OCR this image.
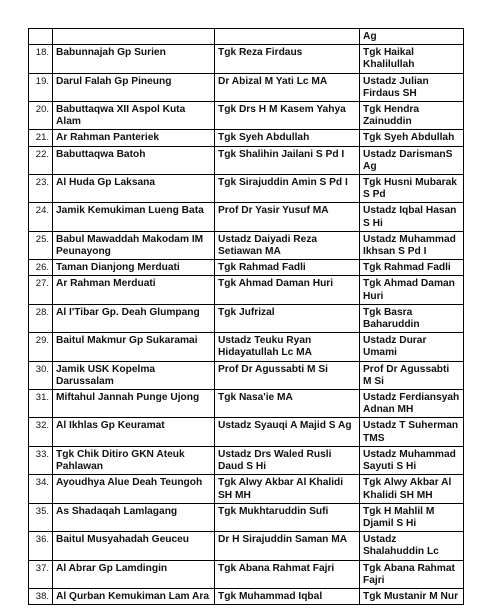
			Ag
18.	Babunnajah Gp Surien	Tgk Reza Firdaus	Tgk Haikal Khalilullah
19.	Darul Falah Gp Pineung	Dr Abizal M Yati Lc MA	Ustadz Julian Firdaus SH
20.	Babuttaqwa XII Aspol Kuta Alam	Tgk Drs H M Kasem Yahya	Tgk Hendra Zainuddin
21.	Ar Rahman Panteriek	Tgk Syeh Abdullah	Tgk Syeh Abdullah
22.	Babuttaqwa Batoh	Tgk Shalihin Jailani S Pd I	Ustadz DarismanS Ag
23.	Al Huda Gp Laksana	Tgk Sirajuddin Amin S Pd I	Tgk Husni Mubarak S Pd
24.	Jamik Kemukiman Lueng Bata	Prof Dr Yasir Yusuf MA	Ustadz Iqbal Hasan S Hi
25.	Babul Mawaddah Makodam IM Peunayong	Ustadz Daiyadi Reza Setiawan MA	Ustadz Muhammad Ikhsan S Pd I
26.	Taman Dianjong Merduati	Tgk Rahmad Fadli	Tgk Rahmad Fadli
27.	Ar Rahman Merduati	Tgk Ahmad Daman Huri	Tgk Ahmad Daman Huri
28.	Al I'Tibar Gp. Deah Glumpang	Tgk Jufrizal	Tgk Basra Baharuddin
29.	Baitul Makmur Gp Sukaramai	Ustadz Teuku Ryan Hidayatullah Lc MA	Ustadz Durar Umami
30.	Jamik USK Kopelma Darussalam	Prof Dr Agussabti M Si	Prof Dr Agussabti M Si
31.	Miftahul Jannah Punge Ujong	Tgk Nasa'ie MA	Ustadz Ferdiansyah Adnan MH
32.	Al Ikhlas Gp Keuramat	Ustadz Syauqi A Majid S Ag	Ustadz T Suherman TMS
33.	Tgk Chik Ditiro GKN Ateuk Pahlawan	Ustadz Drs Waled Rusli Daud S Hi	Ustadz Muhammad Sayuti S Hi
34.	Ayoudhya Alue Deah Teungoh	Tgk Alwy Akbar Al Khalidi SH MH	Tgk Alwy Akbar Al Khalidi SH MH
35.	As Shadaqah Lamlagang	Tgk Mukhtaruddin Sufi	Tgk H Mahlil M Djamil S Hi
36.	Baitul Musyahadah Geuceu	Dr H Sirajuddin Saman MA	Ustadz Shalahuddin Lc
37.	Al Abrar Gp Lamdingin	Tgk Abana Rahmat Fajri	Tgk Abana Rahmat Fajri
38.	Al Qurban Kemukiman Lam Ara	Tgk Muhammad Iqbal	Tgk Mustanir M Nur
